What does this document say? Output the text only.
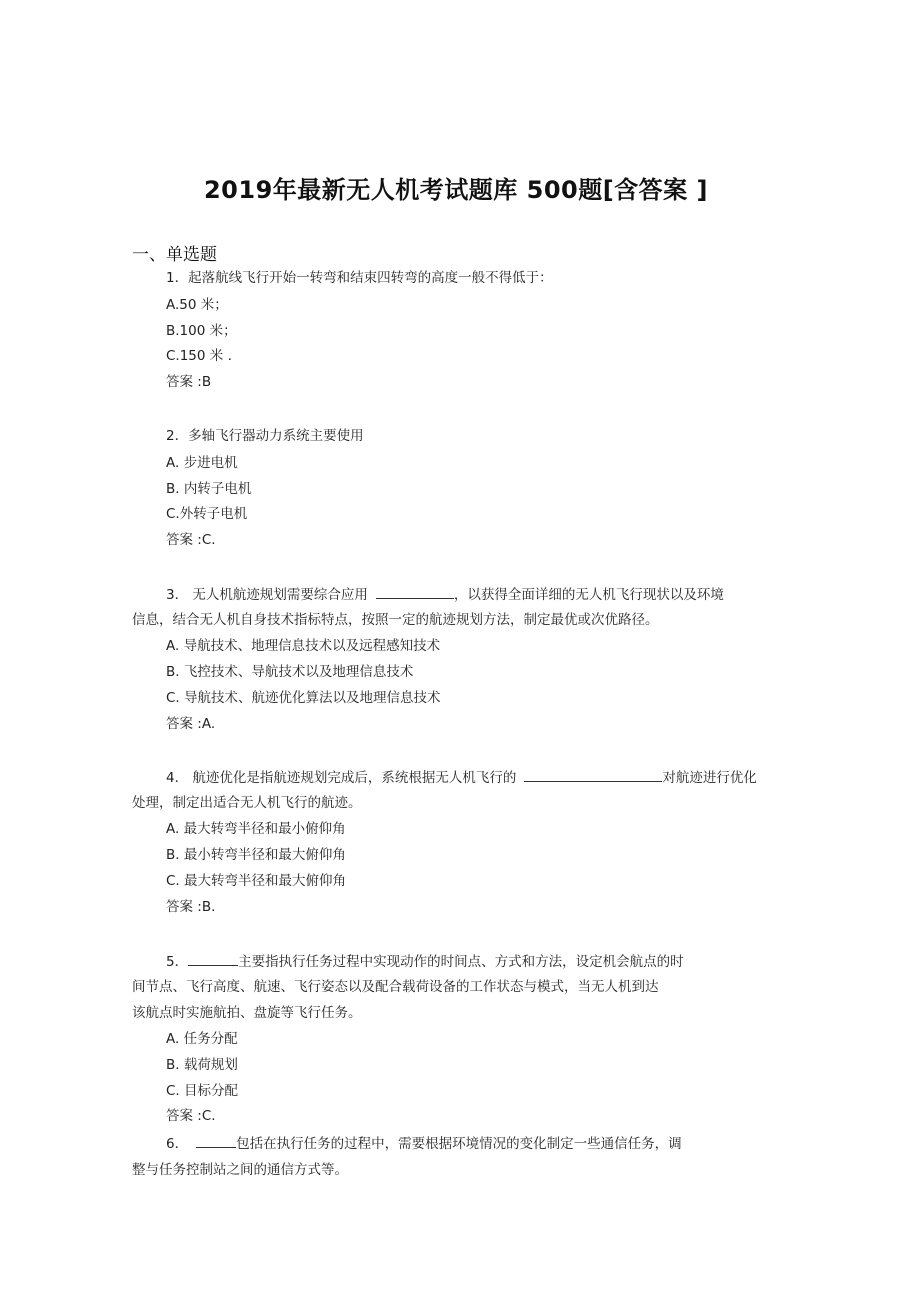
2019年最新无人机考试题库 500题[含答案 ]
一、单选题
1．起落航线飞行开始一转弯和结束四转弯的高度一般不得低于：
A.50 米；
B.100 米；
C.150 米 .
答案 :B
2．多轴飞行器动力系统主要使用
A. 步进电机
B. 内转子电机
C.外转子电机
答案 :C.
3． 无人机航迹规划需要综合应用	，以获得全面详细的无人机飞行现状以及环境
信息，结合无人机自身技术指标特点，按照一定的航迹规划方法，制定最优或次优路径。
A. 导航技术、地理信息技术以及远程感知技术
B. 飞控技术、导航技术以及地理信息技术
C. 导航技术、航迹优化算法以及地理信息技术
答案 :A.
4． 航迹优化是指航迹规划完成后，系统根据无人机飞行的	对航迹进行优化
处理，制定出适合无人机飞行的航迹。
A. 最大转弯半径和最小俯仰角
B. 最小转弯半径和最大俯仰角
C. 最大转弯半径和最大俯仰角
答案 :B.
5．	主要指执行任务过程中实现动作的时间点、方式和方法，设定机会航点的时
间节点、飞行高度、航速、飞行姿态以及配合载荷设备的工作状态与模式，当无人机到达
该航点时实施航拍、盘旋等飞行任务。
A. 任务分配
B. 载荷规划
C. 目标分配
答案 :C.
6．	包括在执行任务的过程中，需要根据环境情况的变化制定一些通信任务，调
整与任务控制站之间的通信方式等。
